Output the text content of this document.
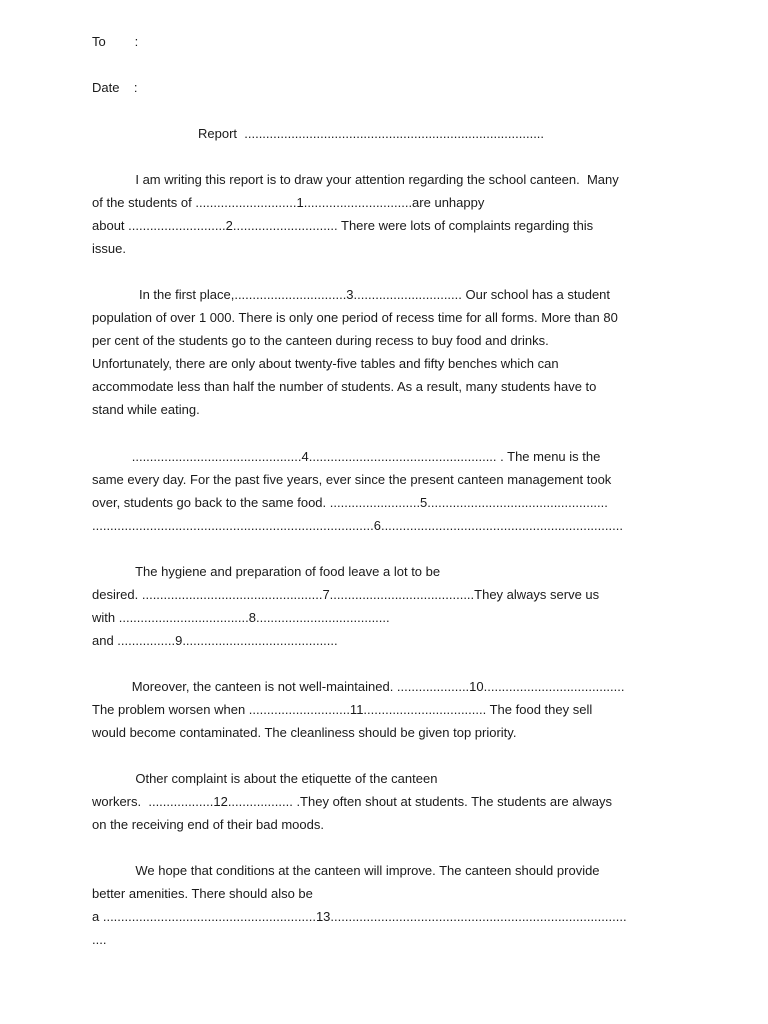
To        :
Date    :
Report  ...................................................................................
I am writing this report is to draw your attention regarding the school canteen.  Many
of the students of ............................1..............................are unhappy
about ...........................2............................. There were lots of complaints regarding this
issue.
In the first place,...............................3.............................. Our school has a student
population of over 1 000. There is only one period of recess time for all forms. More than 80
per cent of the students go to the canteen during recess to buy food and drinks.
Unfortunately, there are only about twenty-five tables and fifty benches which can
accommodate less than half the number of students. As a result, many students have to
stand while eating.
...............................................4.................................................... . The menu is the
same every day. For the past five years, ever since the present canteen management took
over, students go back to the same food. .........................5..................................................
..............................................................................6...................................................................
The hygiene and preparation of food leave a lot to be
desired. ..................................................7........................................They always serve us
with ....................................8.....................................
and ................9...........................................
Moreover, the canteen is not well-maintained. ....................10.......................................
The problem worsen when ............................11.................................. The food they sell
would become contaminated. The cleanliness should be given top priority.
Other complaint is about the etiquette of the canteen
workers.  ..................12.................. .They often shout at students. The students are always
on the receiving end of their bad moods.
We hope that conditions at the canteen will improve. The canteen should provide
better amenities. There should also be
a ...........................................................13..................................................................................
....
